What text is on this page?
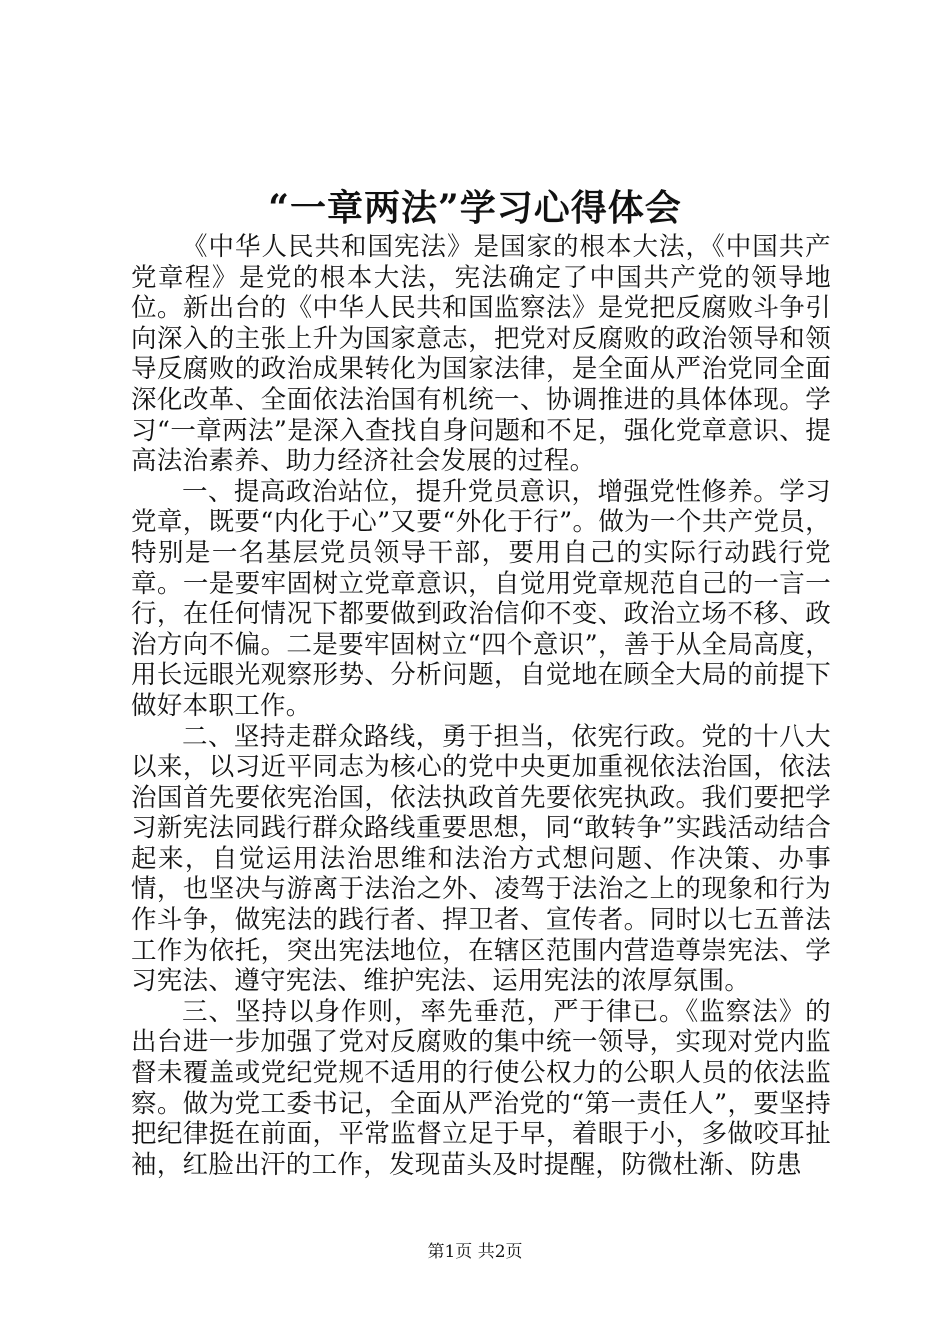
“一章两法”学习心得体会

《中华人民共和国宪法》是国家的根本大法，《中国共产党章程》是党的根本大法，宪法确定了中国共产党的领导地位。新出台的《中华人民共和国监察法》是党把反腐败斗争引向深入的主张上升为国家意志，把党对反腐败的政治领导和领导反腐败的政治成果转化为国家法律，是全面从严治党同全面深化改革、全面依法治国有机统一、协调推进的具体体现。学习“一章两法”是深入查找自身问题和不足，强化党章意识、提高法治素养、助力经济社会发展的过程。

一、提高政治站位，提升党员意识，增强党性修养。学习党章，既要“内化于心”又要“外化于行”。做为一个共产党员，特别是一名基层党员领导干部，要用自己的实际行动践行党章。一是要牢固树立党章意识，自觉用党章规范自己的一言一行，在任何情况下都要做到政治信仰不变、政治立场不移、政治方向不偏。二是要牢固树立“四个意识”，善于从全局高度，用长远眼光观察形势、分析问题，自觉地在顾全大局的前提下做好本职工作。

二、坚持走群众路线，勇于担当，依宪行政。党的十八大以来，以习近平同志为核心的党中央更加重视依法治国，依法治国首先要依宪治国，依法执政首先要依宪执政。我们要把学习新宪法同践行群众路线重要思想，同“敢转争”实践活动结合起来，自觉运用法治思维和法治方式想问题、作决策、办事情，也坚决与游离于法治之外、凌驾于法治之上的现象和行为作斗争，做宪法的践行者、捍卫者、宣传者。同时以七五普法工作为依托，突出宪法地位，在辖区范围内营造尊崇宪法、学习宪法、遵守宪法、维护宪法、运用宪法的浓厚氛围。

三、坚持以身作则，率先垂范，严于律已。《监察法》的出台进一步加强了党对反腐败的集中统一领导，实现对党内监督未覆盖或党纪党规不适用的行使公权力的公职人员的依法监察。做为党工委书记，全面从严治党的“第一责任人”，要坚持把纪律挺在前面，平常监督立足于早，着眼于小，多做咬耳扯袖，红脸出汗的工作，发现苗头及时提醒，防微杜渐、防患

第1页 共2页
